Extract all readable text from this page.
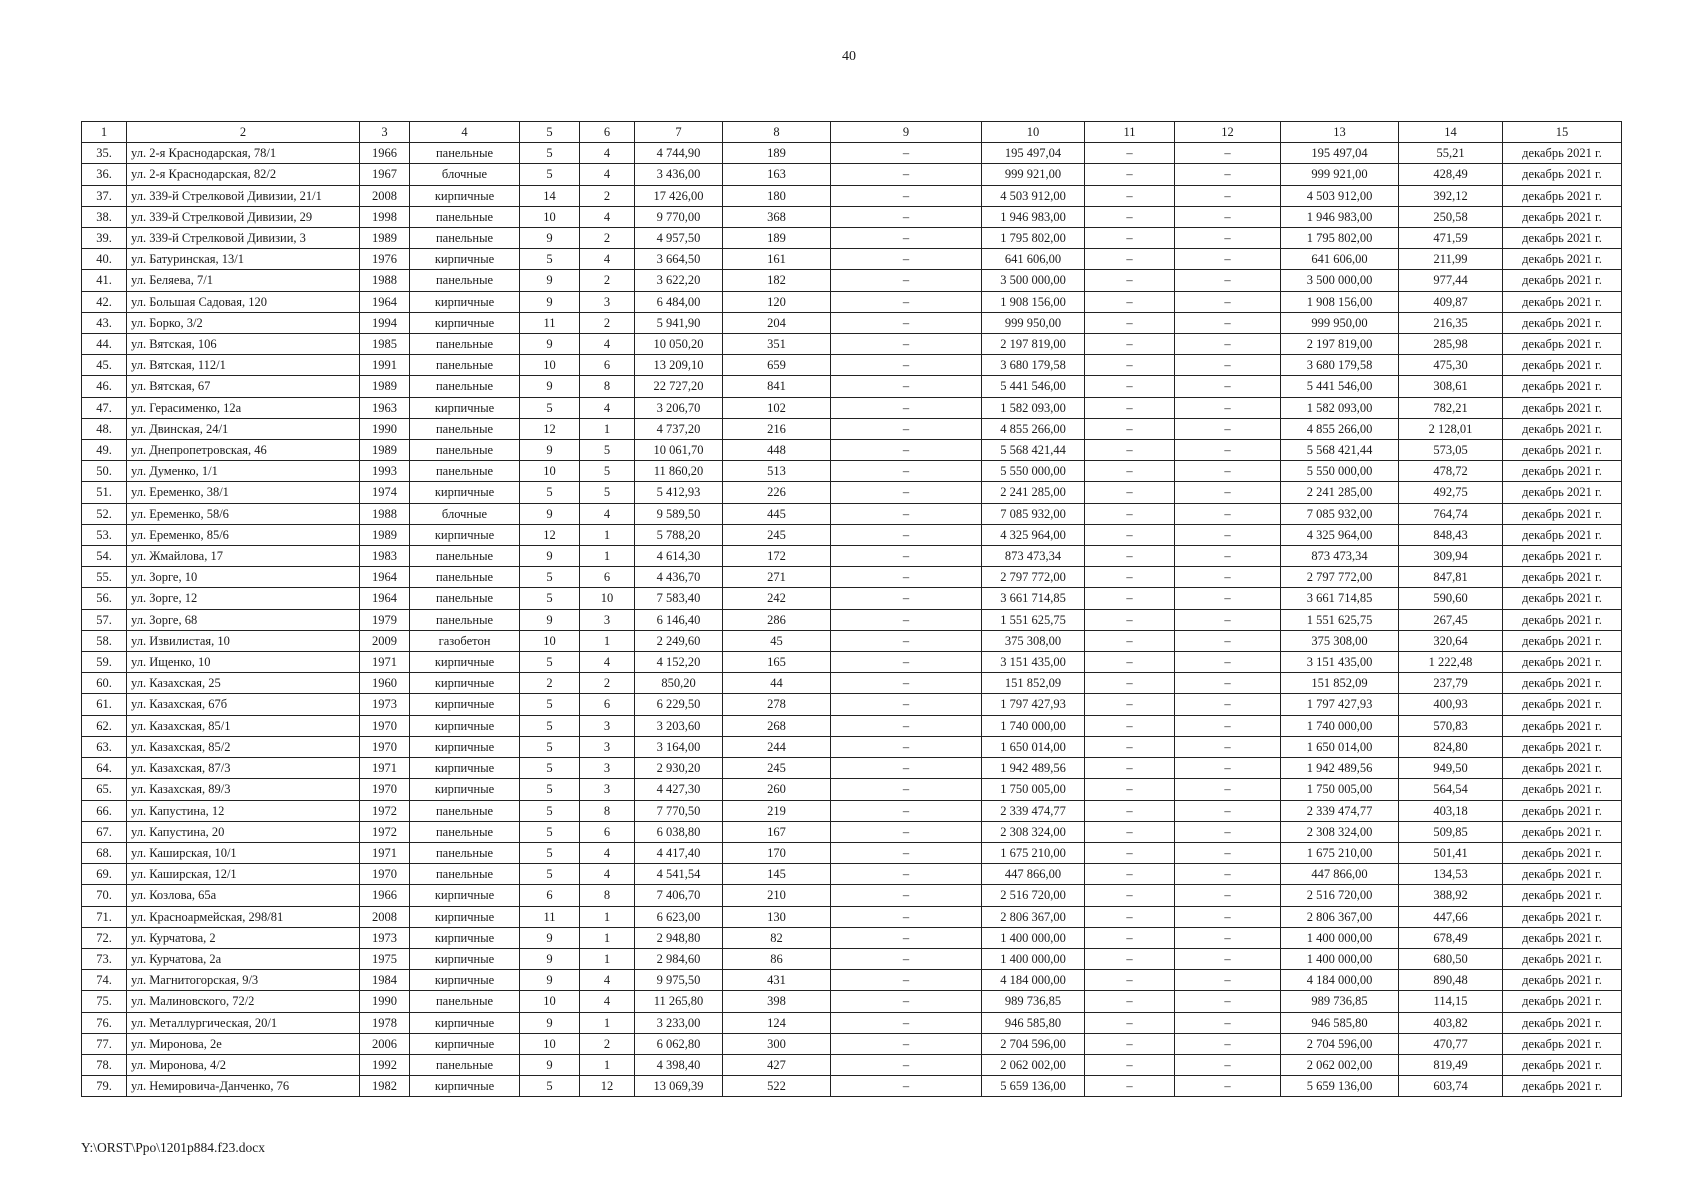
40
1	2	3	4	5	6	7	8	9	10	11	12	13	14	15
35.	ул. 2-я Краснодарская, 78/1	1966	панельные	5	4	4 744,90	189	–	195 497,04	–	–	195 497,04	55,21	декабрь 2021 г.
36.	ул. 2-я Краснодарская, 82/2	1967	блочные	5	4	3 436,00	163	–	999 921,00	–	–	999 921,00	428,49	декабрь 2021 г.
37.	ул. 339-й Стрелковой Дивизии, 21/1	2008	кирпичные	14	2	17 426,00	180	–	4 503 912,00	–	–	4 503 912,00	392,12	декабрь 2021 г.
38.	ул. 339-й Стрелковой Дивизии, 29	1998	панельные	10	4	9 770,00	368	–	1 946 983,00	–	–	1 946 983,00	250,58	декабрь 2021 г.
39.	ул. 339-й Стрелковой Дивизии, 3	1989	панельные	9	2	4 957,50	189	–	1 795 802,00	–	–	1 795 802,00	471,59	декабрь 2021 г.
40.	ул. Батуринская, 13/1	1976	кирпичные	5	4	3 664,50	161	–	641 606,00	–	–	641 606,00	211,99	декабрь 2021 г.
41.	ул. Беляева, 7/1	1988	панельные	9	2	3 622,20	182	–	3 500 000,00	–	–	3 500 000,00	977,44	декабрь 2021 г.
42.	ул. Большая Садовая, 120	1964	кирпичные	9	3	6 484,00	120	–	1 908 156,00	–	–	1 908 156,00	409,87	декабрь 2021 г.
43.	ул. Борко, 3/2	1994	кирпичные	11	2	5 941,90	204	–	999 950,00	–	–	999 950,00	216,35	декабрь 2021 г.
44.	ул. Вятская, 106	1985	панельные	9	4	10 050,20	351	–	2 197 819,00	–	–	2 197 819,00	285,98	декабрь 2021 г.
45.	ул. Вятская, 112/1	1991	панельные	10	6	13 209,10	659	–	3 680 179,58	–	–	3 680 179,58	475,30	декабрь 2021 г.
46.	ул. Вятская, 67	1989	панельные	9	8	22 727,20	841	–	5 441 546,00	–	–	5 441 546,00	308,61	декабрь 2021 г.
47.	ул. Герасименко, 12а	1963	кирпичные	5	4	3 206,70	102	–	1 582 093,00	–	–	1 582 093,00	782,21	декабрь 2021 г.
48.	ул. Двинская, 24/1	1990	панельные	12	1	4 737,20	216	–	4 855 266,00	–	–	4 855 266,00	2 128,01	декабрь 2021 г.
49.	ул. Днепропетровская, 46	1989	панельные	9	5	10 061,70	448	–	5 568 421,44	–	–	5 568 421,44	573,05	декабрь 2021 г.
50.	ул. Думенко, 1/1	1993	панельные	10	5	11 860,20	513	–	5 550 000,00	–	–	5 550 000,00	478,72	декабрь 2021 г.
51.	ул. Еременко, 38/1	1974	кирпичные	5	5	5 412,93	226	–	2 241 285,00	–	–	2 241 285,00	492,75	декабрь 2021 г.
52.	ул. Еременко, 58/6	1988	блочные	9	4	9 589,50	445	–	7 085 932,00	–	–	7 085 932,00	764,74	декабрь 2021 г.
53.	ул. Еременко, 85/6	1989	кирпичные	12	1	5 788,20	245	–	4 325 964,00	–	–	4 325 964,00	848,43	декабрь 2021 г.
54.	ул. Жмайлова, 17	1983	панельные	9	1	4 614,30	172	–	873 473,34	–	–	873 473,34	309,94	декабрь 2021 г.
55.	ул. Зорге, 10	1964	панельные	5	6	4 436,70	271	–	2 797 772,00	–	–	2 797 772,00	847,81	декабрь 2021 г.
56.	ул. Зорге, 12	1964	панельные	5	10	7 583,40	242	–	3 661 714,85	–	–	3 661 714,85	590,60	декабрь 2021 г.
57.	ул. Зорге, 68	1979	панельные	9	3	6 146,40	286	–	1 551 625,75	–	–	1 551 625,75	267,45	декабрь 2021 г.
58.	ул. Извилистая, 10	2009	газобетон	10	1	2 249,60	45	–	375 308,00	–	–	375 308,00	320,64	декабрь 2021 г.
59.	ул. Ищенко, 10	1971	кирпичные	5	4	4 152,20	165	–	3 151 435,00	–	–	3 151 435,00	1 222,48	декабрь 2021 г.
60.	ул. Казахская, 25	1960	кирпичные	2	2	850,20	44	–	151 852,09	–	–	151 852,09	237,79	декабрь 2021 г.
61.	ул. Казахская, 67б	1973	кирпичные	5	6	6 229,50	278	–	1 797 427,93	–	–	1 797 427,93	400,93	декабрь 2021 г.
62.	ул. Казахская, 85/1	1970	кирпичные	5	3	3 203,60	268	–	1 740 000,00	–	–	1 740 000,00	570,83	декабрь 2021 г.
63.	ул. Казахская, 85/2	1970	кирпичные	5	3	3 164,00	244	–	1 650 014,00	–	–	1 650 014,00	824,80	декабрь 2021 г.
64.	ул. Казахская, 87/3	1971	кирпичные	5	3	2 930,20	245	–	1 942 489,56	–	–	1 942 489,56	949,50	декабрь 2021 г.
65.	ул. Казахская, 89/3	1970	кирпичные	5	3	4 427,30	260	–	1 750 005,00	–	–	1 750 005,00	564,54	декабрь 2021 г.
66.	ул. Капустина, 12	1972	панельные	5	8	7 770,50	219	–	2 339 474,77	–	–	2 339 474,77	403,18	декабрь 2021 г.
67.	ул. Капустина, 20	1972	панельные	5	6	6 038,80	167	–	2 308 324,00	–	–	2 308 324,00	509,85	декабрь 2021 г.
68.	ул. Каширская, 10/1	1971	панельные	5	4	4 417,40	170	–	1 675 210,00	–	–	1 675 210,00	501,41	декабрь 2021 г.
69.	ул. Каширская, 12/1	1970	панельные	5	4	4 541,54	145	–	447 866,00	–	–	447 866,00	134,53	декабрь 2021 г.
70.	ул. Козлова, 65а	1966	кирпичные	6	8	7 406,70	210	–	2 516 720,00	–	–	2 516 720,00	388,92	декабрь 2021 г.
71.	ул. Красноармейская, 298/81	2008	кирпичные	11	1	6 623,00	130	–	2 806 367,00	–	–	2 806 367,00	447,66	декабрь 2021 г.
72.	ул. Курчатова, 2	1973	кирпичные	9	1	2 948,80	82	–	1 400 000,00	–	–	1 400 000,00	678,49	декабрь 2021 г.
73.	ул. Курчатова, 2а	1975	кирпичные	9	1	2 984,60	86	–	1 400 000,00	–	–	1 400 000,00	680,50	декабрь 2021 г.
74.	ул. Магнитогорская, 9/3	1984	кирпичные	9	4	9 975,50	431	–	4 184 000,00	–	–	4 184 000,00	890,48	декабрь 2021 г.
75.	ул. Малиновского, 72/2	1990	панельные	10	4	11 265,80	398	–	989 736,85	–	–	989 736,85	114,15	декабрь 2021 г.
76.	ул. Металлургическая, 20/1	1978	кирпичные	9	1	3 233,00	124	–	946 585,80	–	–	946 585,80	403,82	декабрь 2021 г.
77.	ул. Миронова, 2е	2006	кирпичные	10	2	6 062,80	300	–	2 704 596,00	–	–	2 704 596,00	470,77	декабрь 2021 г.
78.	ул. Миронова, 4/2	1992	панельные	9	1	4 398,40	427	–	2 062 002,00	–	–	2 062 002,00	819,49	декабрь 2021 г.
79.	ул. Немировича-Данченко, 76	1982	кирпичные	5	12	13 069,39	522	–	5 659 136,00	–	–	5 659 136,00	603,74	декабрь 2021 г.
Y:\ORST\Ppo\1201p884.f23.docx
